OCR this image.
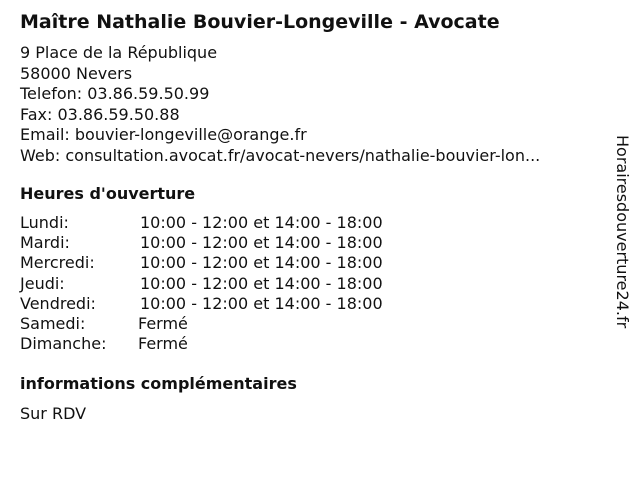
Maître Nathalie Bouvier-Longeville - Avocate
9 Place de la République
58000 Nevers
Telefon: 03.86.59.50.99
Fax: 03.86.59.50.88
Email: bouvier-longeville@orange.fr
Web: consultation.avocat.fr/avocat-nevers/nathalie-bouvier-lon...
Heures d'ouverture
Lundi:	10:00 - 12:00 et 14:00 - 18:00
Mardi:	10:00 - 12:00 et 14:00 - 18:00
Mercredi:	10:00 - 12:00 et 14:00 - 18:00
Jeudi:	10:00 - 12:00 et 14:00 - 18:00
Vendredi:	10:00 - 12:00 et 14:00 - 18:00
Samedi:	Fermé
Dimanche: Fermé
informations complémentaires
Sur RDV
Horairesdouverture24.fr
